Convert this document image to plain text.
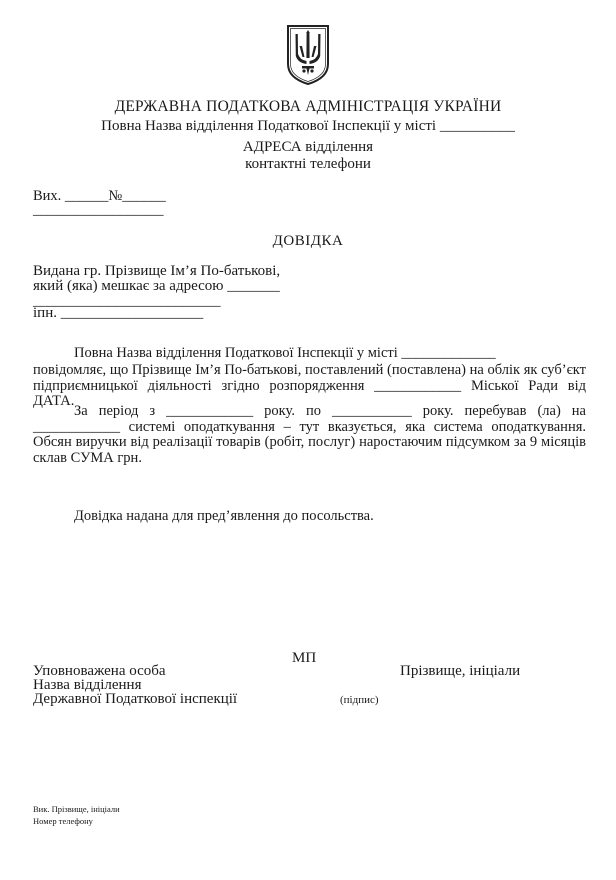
ДЕРЖАВНА ПОДАТКОВА АДМІНІСТРАЦІЯ УКРАЇНИ
Повна Назва відділення Податкової Інспекції у місті __________
АДРЕСА відділення
контактні телефони
Вих. ______№______
__________________
ДОВІДКА
Видана гр. Прізвище Ім’я По-батькові,
який (яка) мешкає за адресою _______
_________________________
іпн. ___________________
Повна Назва відділення Податкової Інспекції у місті _____________

повідомляє, що Прізвище Ім’я По-батькові, поставлений (поставлена) на облік як суб’єкт підприємницької діяльності згідно розпорядження ____________ Міської Ради від ДАТА.

За період з ____________ року. по ___________ року. перебував (ла) на ____________ системі оподаткування – тут вказується, яка система оподаткування. Обсян виручки від реалізації товарів (робіт, послуг) наростаючим підсумком за 9 місяців склав СУМА грн.

Довідка надана для пред’явлення до посольства.
МП
Уповноважена особа	Прізвище, ініціали
Назва відділення
Державної Податкової інспекції	(підпис)
Вик. Прізвище, ініціали
Номер телефону
